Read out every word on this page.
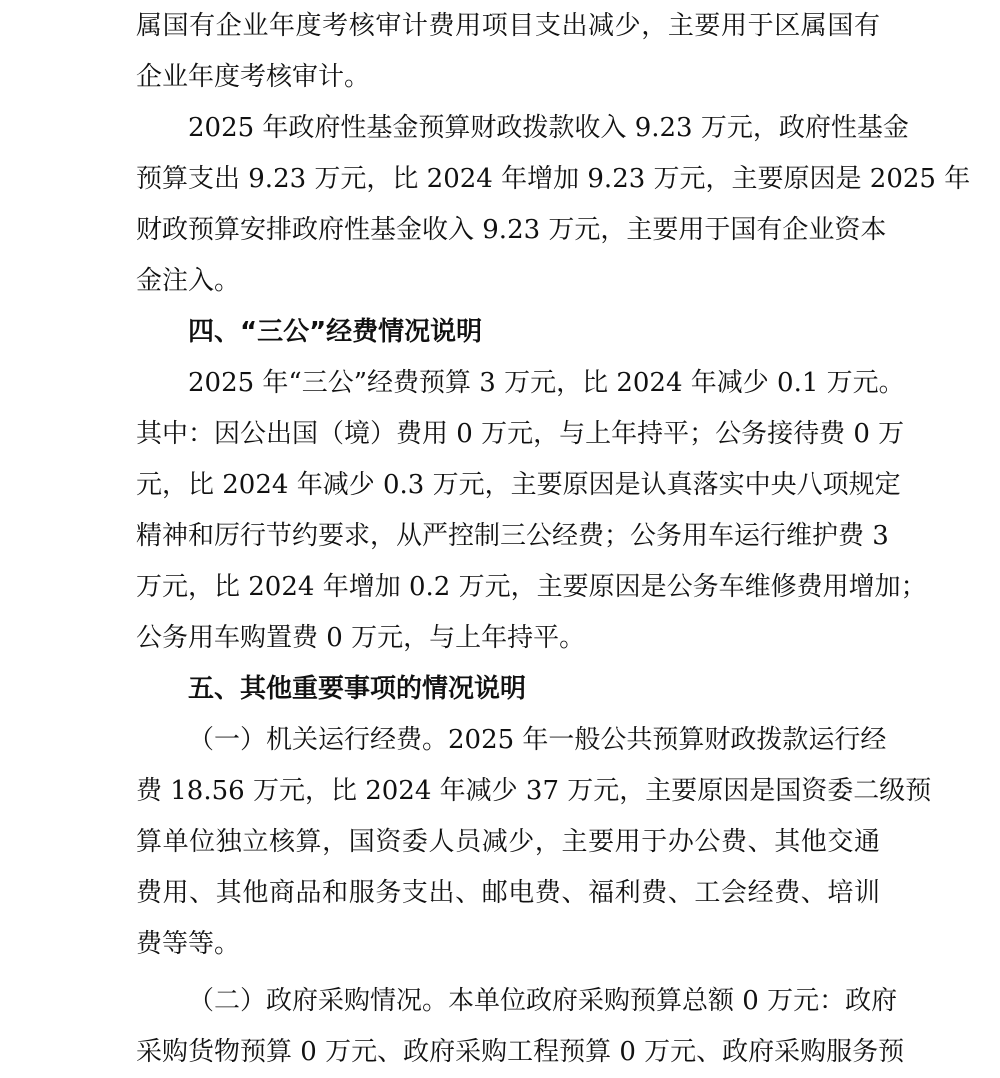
属国有企业年度考核审计费用项目支出减少，主要用于区属国有
企业年度考核审计。
2025 年政府性基金预算财政拨款收入 9.23 万元，政府性基金
预算支出 9.23 万元，比 2024 年增加 9.23 万元，主要原因是 2025 年
财政预算安排政府性基金收入 9.23 万元，主要用于国有企业资本
金注入。
四、“三公”经费情况说明
2025 年“三公”经费预算 3 万元，比 2024 年减少 0.1 万元。
其中：因公出国（境）费用 0 万元，与上年持平；公务接待费 0 万
元，比 2024 年减少 0.3 万元，主要原因是认真落实中央八项规定
精神和厉行节约要求，从严控制三公经费；公务用车运行维护费 3
万元，比 2024 年增加 0.2 万元，主要原因是公务车维修费用增加；
公务用车购置费 0 万元，与上年持平。
五、其他重要事项的情况说明
（一）机关运行经费。2025 年一般公共预算财政拨款运行经
费 18.56 万元，比 2024 年减少 37 万元，主要原因是国资委二级预
算单位独立核算，国资委人员减少，主要用于办公费、其他交通
费用、其他商品和服务支出、邮电费、福利费、工会经费、培训
费等等。
（二）政府采购情况。本单位政府采购预算总额 0 万元：政府
采购货物预算 0 万元、政府采购工程预算 0 万元、政府采购服务预
